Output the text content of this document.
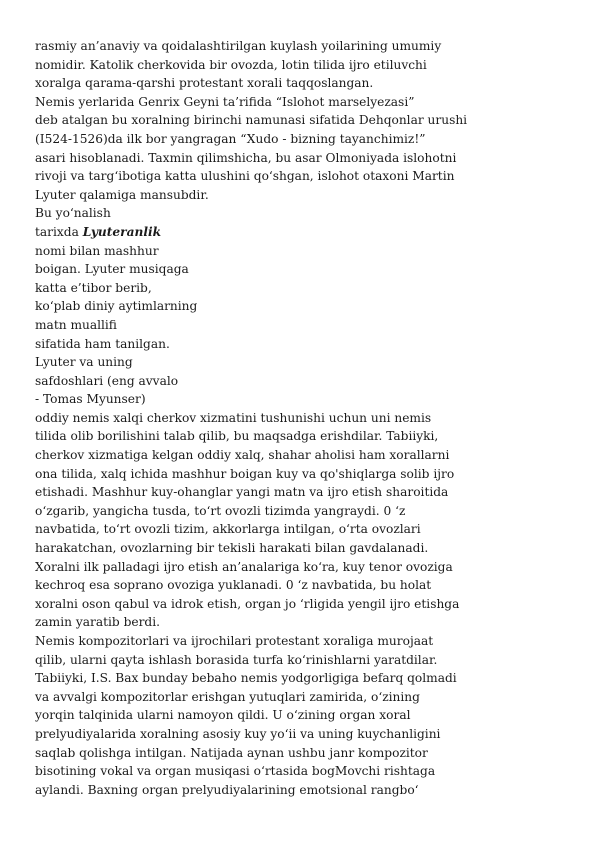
rasmiy an’anaviy va qoidalashtirilgan kuylash yoilarining umumiy
nomidir. Katolik cherkovida bir ovozda, lotin tilida ijro etiluvchi
xoralga qarama-qarshi protestant xorali taqqoslangan.
Nemis yerlarida Genrix Geyni ta’rifida “Islohot marselyezasi”
deb atalgan bu xoralning birinchi namunasi sifatida Dehqonlar urushi
(I524-1526)da ilk bor yangragan “Xudo - bizning tayanchimiz!”
asari hisoblanadi. Taxmin qilimshicha, bu asar Olmoniyada islohotni
rivoji va targ‘ibotiga katta ulushini qo‘shgan, islohot otaxoni Martin
Lyuter qalamiga mansubdir.
Bu yo‘nalish
tarixda Lyuteranlik
nomi bilan mashhur
boigan. Lyuter musiqaga
katta e’tibor berib,
ko‘plab diniy aytimlarning
matn muallifi
sifatida ham tanilgan.
Lyuter va uning
safdoshlari (eng avvalo
- Tomas Myunser)
oddiy nemis xalqi cherkov xizmatini tushunishi uchun uni nemis
tilida olib borilishini talab qilib, bu maqsadga erishdilar. Tabiiyki,
cherkov xizmatiga kelgan oddiy xalq, shahar aholisi ham xorallarni
ona tilida, xalq ichida mashhur boigan kuy va qo'shiqlarga solib ijro
etishadi. Mashhur kuy-ohanglar yangi matn va ijro etish sharoitida
o‘zgarib, yangicha tusda, to‘rt ovozli tizimda yangraydi. 0 ‘z
navbatida, to‘rt ovozli tizim, akkorlarga intilgan, o‘rta ovozlari
harakatchan, ovozlarning bir tekisli harakati bilan gavdalanadi.
Xoralni ilk palladagi ijro etish an’analariga ko‘ra, kuy tenor ovoziga
kechroq esa soprano ovoziga yuklanadi. 0 ‘z navbatida, bu holat
xoralni oson qabul va idrok etish, organ jo ‘rligida yengil ijro etishga
zamin yaratib berdi.
Nemis kompozitorlari va ijrochilari protestant xoraliga murojaat
qilib, ularni qayta ishlash borasida turfa ko‘rinishlarni yaratdilar.
Tabiiyki, I.S. Bax bunday bebaho nemis yodgorligiga befarq qolmadi
va avvalgi kompozitorlar erishgan yutuqlari zamirida, o‘zining
yorqin talqinida ularni namoyon qildi. U o‘zining organ xoral
prelyudiyalarida xoralning asosiy kuy yo‘ii va uning kuychanligini
saqlab qolishga intilgan. Natijada aynan ushbu janr kompozitor
bisotining vokal va organ musiqasi o‘rtasida bogMovchi rishtaga
aylandi. Baxning organ prelyudiyalarining emotsional rangbo‘
